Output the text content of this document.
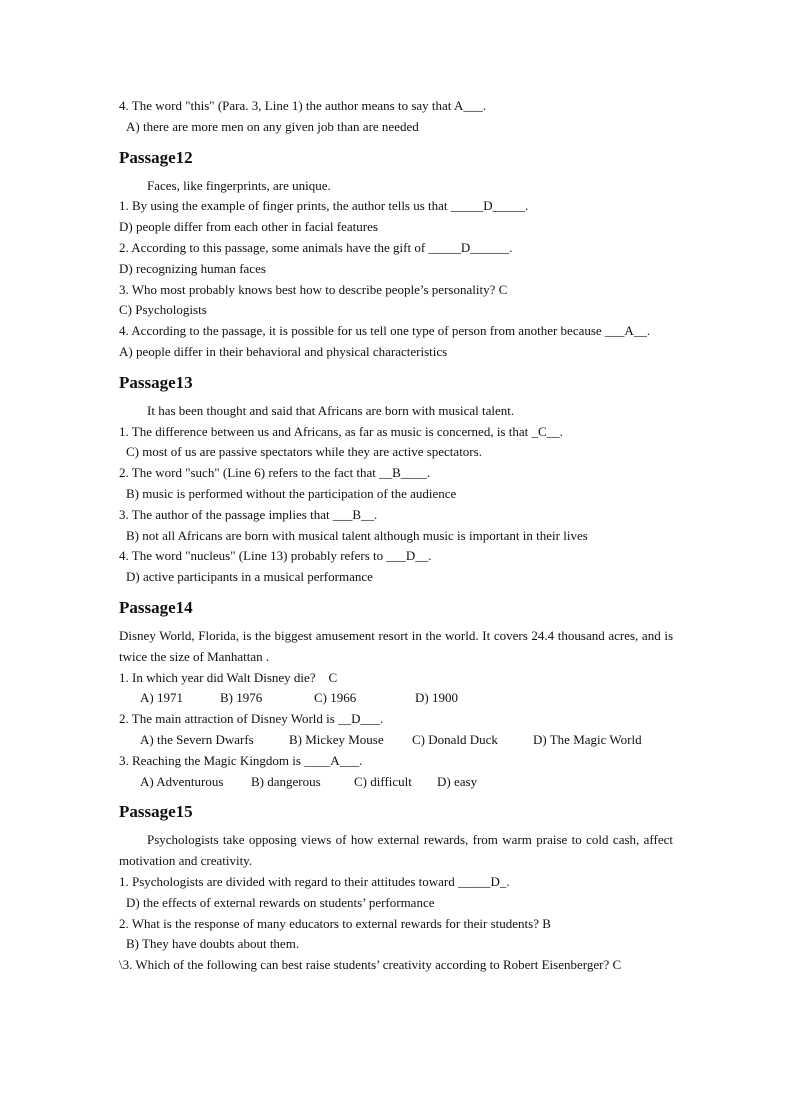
4. The word "this" (Para. 3, Line 1) the author means to say that A___.

A) there are more men on any given job than are needed

Passage12

Faces, like fingerprints, are unique.

1. By using the example of finger prints, the author tells us that _____D_____.

D) people differ from each other in facial features

2. According to this passage, some animals have the gift of _____D______.

D) recognizing human faces

3. Who most probably knows best how to describe people’s personality? C

C) Psychologists

4. According to the passage, it is possible for us tell one type of person from another because ___A__.

A) people differ in their behavioral and physical characteristics

Passage13

It has been thought and said that Africans are born with musical talent.

1. The difference between us and Africans, as far as music is concerned, is that _C__.

C) most of us are passive spectators while they are active spectators.

2. The word "such" (Line 6) refers to the fact that __B____.

B) music is performed without the participation of the audience

3. The author of the passage implies that ___B__.

B) not all Africans are born with musical talent although music is important in their lives

4. The word "nucleus" (Line 13) probably refers to ___D__.

D) active participants in a musical performance

Passage14

Disney World, Florida, is the biggest amusement resort in the world. It covers 24.4 thousand acres, and is twice the size of Manhattan .

1. In which year did Walt Disney die?    C

A) 1971	B) 1976	C) 1966	D) 1900

2. The main attraction of Disney World is __D___.

A) the Severn Dwarfs	B) Mickey Mouse	C) Donald Duck	D) The Magic World

3. Reaching the Magic Kingdom is ____A___.

A) Adventurous	B) dangerous	C) difficult	D) easy
Passage15

Psychologists take opposing views of how external rewards, from warm praise to cold cash, affect motivation and creativity.

1. Psychologists are divided with regard to their attitudes toward _____D_.

D) the effects of external rewards on students’ performance

2. What is the response of many educators to external rewards for their students? B

B) They have doubts about them.

\3. Which of the following can best raise students’ creativity according to Robert Eisenberger? C
